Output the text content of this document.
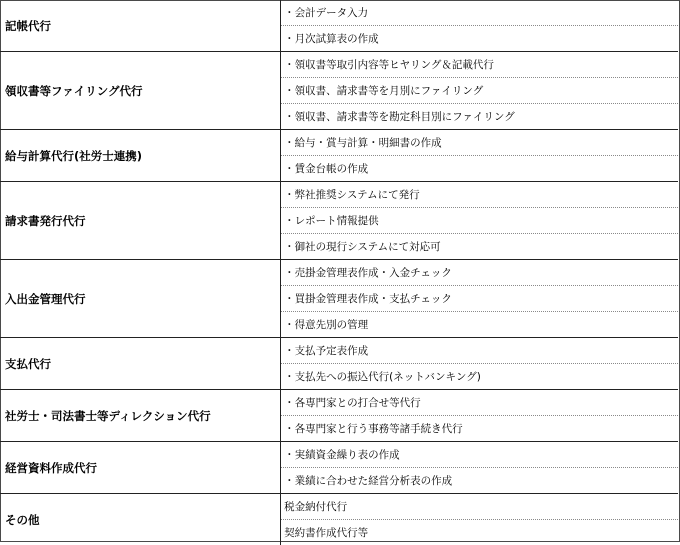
記帳代行	・会計データ入力
	・月次試算表の作成
領収書等ファイリング代行	・領収書等取引内容等ヒヤリング＆記載代行
	・領収書、請求書等を月別にファイリング
	・領収書、請求書等を勘定科目別にファイリング
給与計算代行(社労士連携)	・給与・賞与計算・明細書の作成
	・賃金台帳の作成
請求書発行代行	・弊社推奨システムにて発行
	・レポート情報提供
	・御社の現行システムにて対応可
入出金管理代行	・売掛金管理表作成・入金チェック
	・買掛金管理表作成・支払チェック
	・得意先別の管理
支払代行	・支払予定表作成
	・支払先への振込代行(ネットバンキング)
社労士・司法書士等ディレクション代行	・各専門家との打合せ等代行
	・各専門家と行う事務等諸手続き代行
経営資料作成代行	・実績資金繰り表の作成
	・業績に合わせた経営分析表の作成
その他	税金納付代行
	契約書作成代行等
